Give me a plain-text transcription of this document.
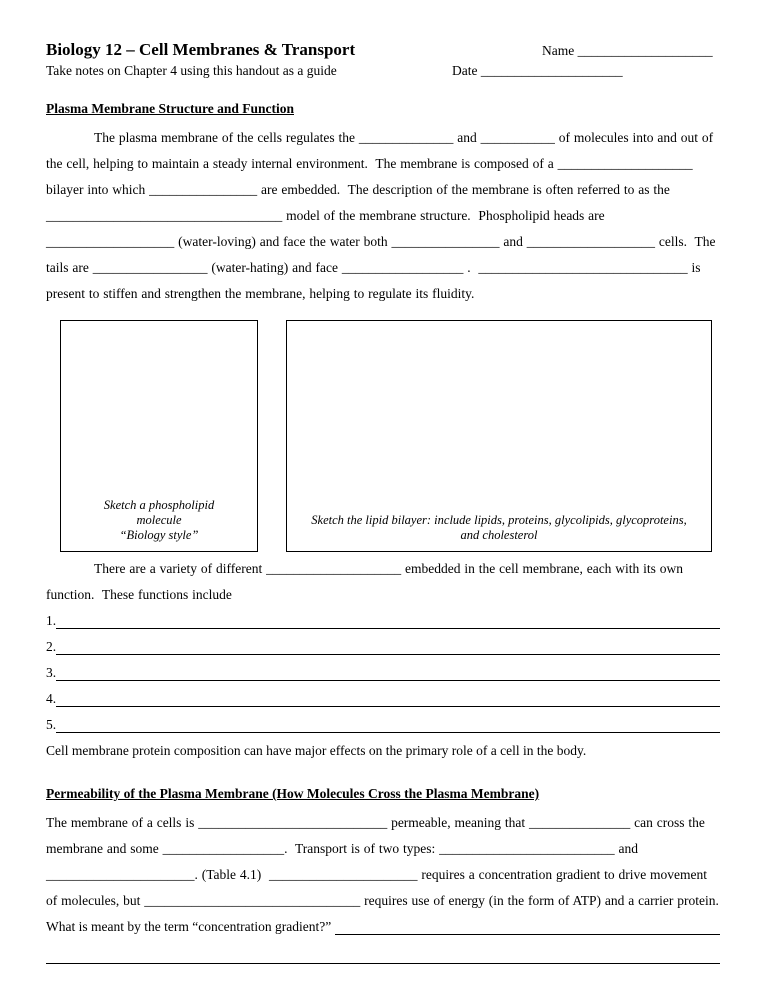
Biology 12 – Cell Membranes & Transport	Name ____________________
Take notes on Chapter 4 using this handout as a guide	Date _____________________
Plasma Membrane Structure and Function
The plasma membrane of the cells regulates the ______________ and ___________ of molecules into and out of the cell, helping to maintain a steady internal environment.  The membrane is composed of a ____________________ bilayer into which ________________ are embedded.  The description of the membrane is often referred to as the ___________________________________ model of the membrane structure.  Phospholipid heads are ___________________ (water-loving) and face the water both ________________ and ___________________ cells.  The tails are _________________ (water-hating) and face __________________ .  _______________________________ is present to stiffen and strengthen the membrane, helping to regulate its fluidity.
Sketch a phospholipid molecule
“Biology style”
Sketch the lipid bilayer: include lipids, proteins, glycolipids, glycoproteins, and cholesterol
There are a variety of different ____________________ embedded in the cell membrane, each with its own function.  These functions include
1.
2.
3.
4.
5.
Cell membrane protein composition can have major effects on the primary role of a cell in the body.
Permeability of the Plasma Membrane (How Molecules Cross the Plasma Membrane)
The membrane of a cells is ____________________________ permeable, meaning that _______________ can cross the membrane and some __________________.  Transport is of two types: __________________________ and ______________________. (Table 4.1)  ______________________ requires a concentration gradient to drive movement of molecules, but ________________________________ requires use of energy (in the form of ATP) and a carrier protein.
What is meant by the term “concentration gradient?”
